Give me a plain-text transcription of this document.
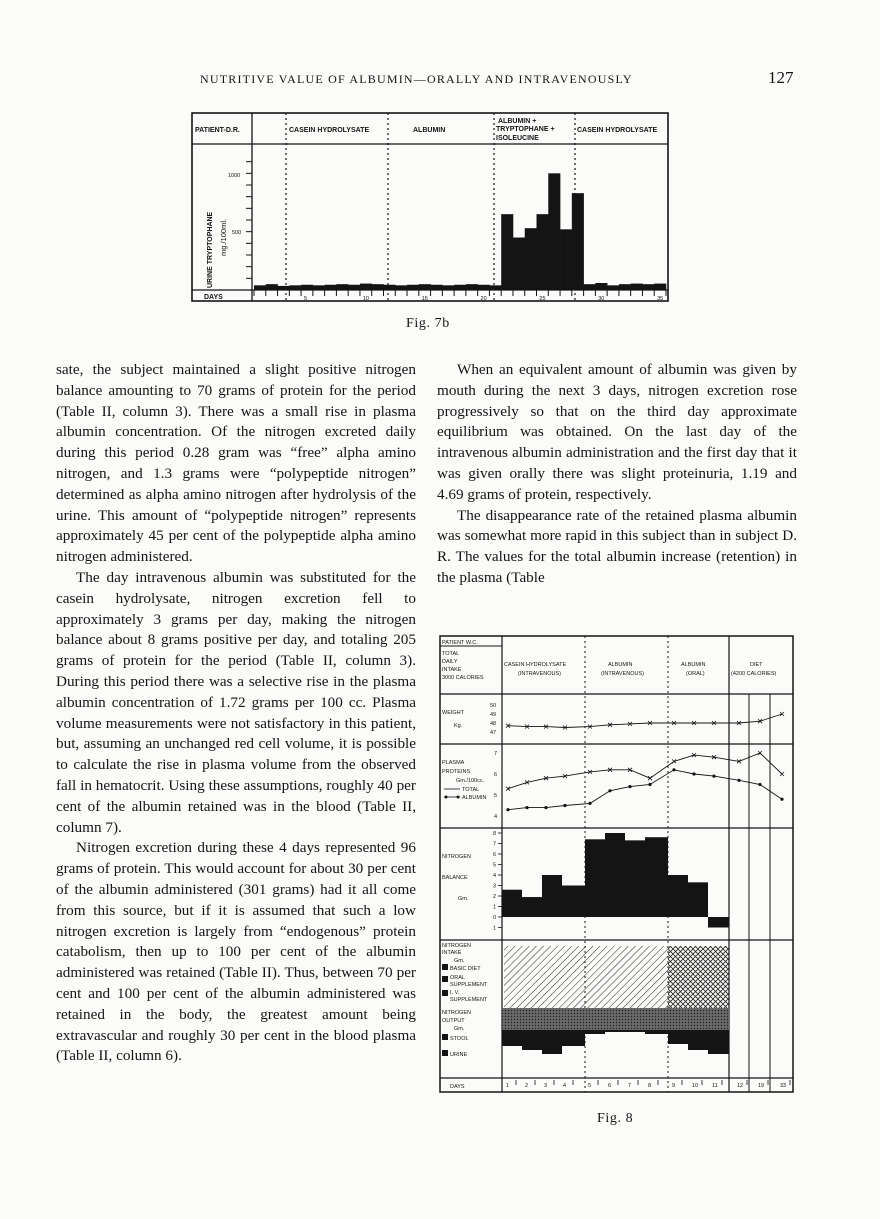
NUTRITIVE VALUE OF ALBUMIN—ORALLY AND INTRAVENOUSLY	127
PATIENT-D.R.	CASEIN HYDROLYSATE	ALBUMIN
ALBUMIN +
TRYPTOPHANE +
ISOLEUCINE
CASEIN HYDROLYSATE
URINE TRYPTOPHANE mg./100ml.
1000
500
DAYS	5	10	15	20	25	30	35
Fig. 7b

sate, the subject maintained a slight positive nitrogen balance amounting to 70 grams of protein for the period (Table II, column 3). There was a small rise in plasma albumin concentration. Of the nitrogen excreted daily during this period 0.28 gram was “free” alpha amino nitrogen, and 1.3 grams were “polypeptide nitrogen” determined as alpha amino nitrogen after hydrolysis of the urine. This amount of “polypeptide nitrogen” represents approximately 45 per cent of the polypeptide alpha amino nitrogen administered.

The day intravenous albumin was substituted for the casein hydrolysate, nitrogen excretion fell to approximately 3 grams per day, making the nitrogen balance about 8 grams positive per day, and totaling 205 grams of protein for the period (Table II, column 3). During this period there was a selective rise in the plasma albumin concentration of 1.72 grams per 100 cc. Plasma volume measurements were not satisfactory in this patient, but, assuming an unchanged red cell volume, it is possible to calculate the rise in plasma volume from the observed fall in hematocrit. Using these assumptions, roughly 40 per cent of the albumin retained was in the blood (Table II, column 7).

Nitrogen excretion during these 4 days represented 96 grams of protein. This would account for about 30 per cent of the albumin administered (301 grams) had it all come from this source, but if it is assumed that such a low nitrogen excretion is largely from “endogenous” protein catabolism, then up to 100 per cent of the albumin administered was retained (Table II). Thus, between 70 per cent and 100 per cent of the albumin administered was retained in the body, the greatest amount being extravascular and roughly 30 per cent in the blood plasma (Table II, column 6).

When an equivalent amount of albumin was given by mouth during the next 3 days, nitrogen excretion rose progressively so that on the third day approximate equilibrium was obtained. On the last day of the intravenous albumin administration and the first day that it was given orally there was slight proteinuria, 1.19 and 4.69 grams of protein, respectively.

The disappearance rate of the retained plasma albumin was somewhat more rapid in this subject than in subject D. R. The values for the total albumin increase (retention) in the plasma (Table

PATIENT W.C.
TOTAL
DAILY
INTAKE
3000 CALORIES
CASEIN HYDROLYSATE
(INTRAVENOUS)
ALBUMIN
(INTRAVENOUS)
ALBUMIN
(ORAL)
DIET
(4200 CALORIES)
WEIGHT
Kg.
50
49
48
47
PLASMA
PROTEINS
Gm./100cc.
TOTAL
ALBUMIN
7
6
5
4
NITROGEN
BALANCE
Gm.
8
7
6
5
4
3
2
1
0
1
NITROGEN
INTAKE
Gm.
BASIC DIET
ORAL
SUPPLEMENT
I. V.
SUPPLEMENT
NITROGEN
OUTPUT
Gm.
STOOL
URINE
DAYS	1	2	3	4	5	6	7	8	9	10	11	12	19	33
Fig. 8
